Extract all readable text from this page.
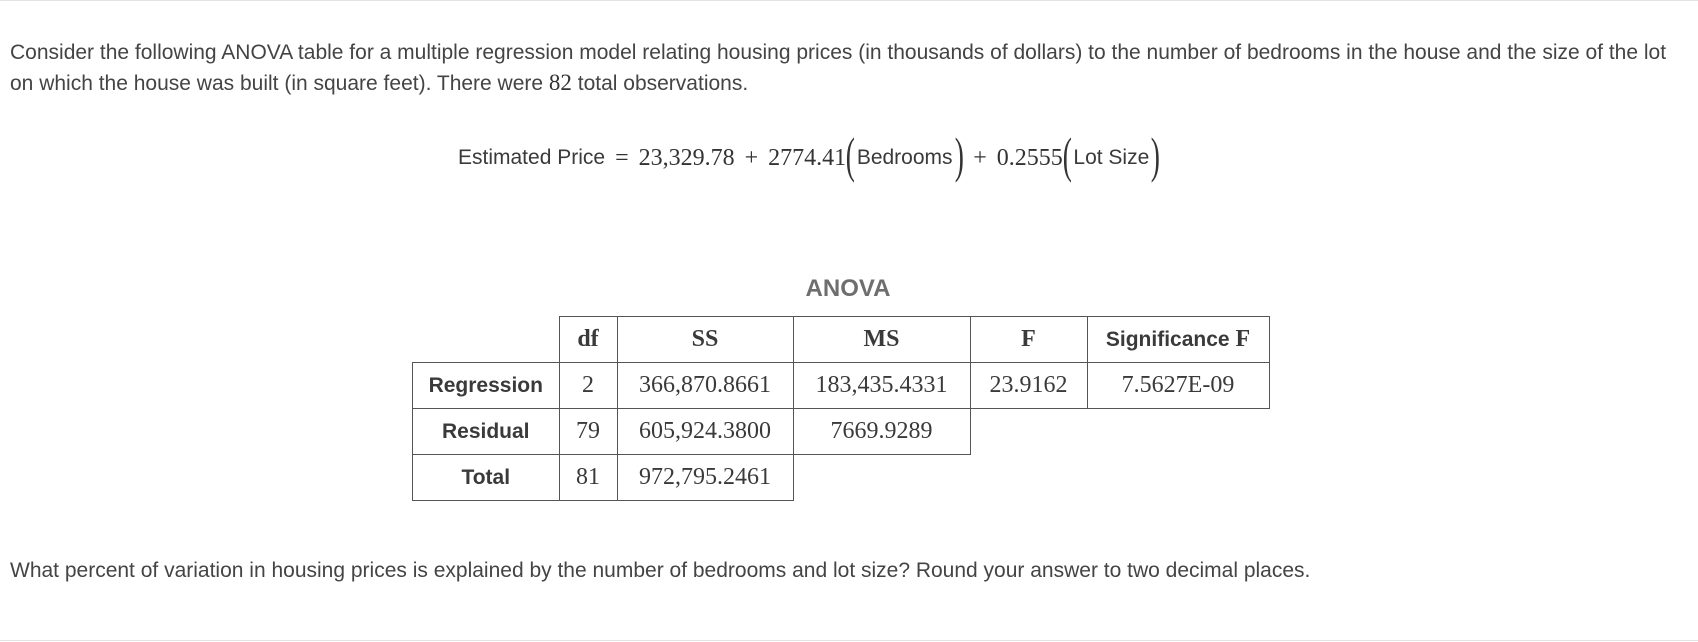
Consider the following ANOVA table for a multiple regression model relating housing prices (in thousands of dollars) to the number of bedrooms in the house and the size of the lot on which the house was built (in square feet). There were 82 total observations.
Estimated Price = 23,329.78 + 2774.41 ( Bedrooms ) + 0.2555 ( Lot Size )
ANOVA
	df	SS	MS	F	Significance F
Regression	2	366,870.8661	183,435.4331	23.9162	7.5627E-09
Residual	79	605,924.3800	7669.9289		
Total	81	972,795.2461			
What percent of variation in housing prices is explained by the number of bedrooms and lot size? Round your answer to two decimal places.
